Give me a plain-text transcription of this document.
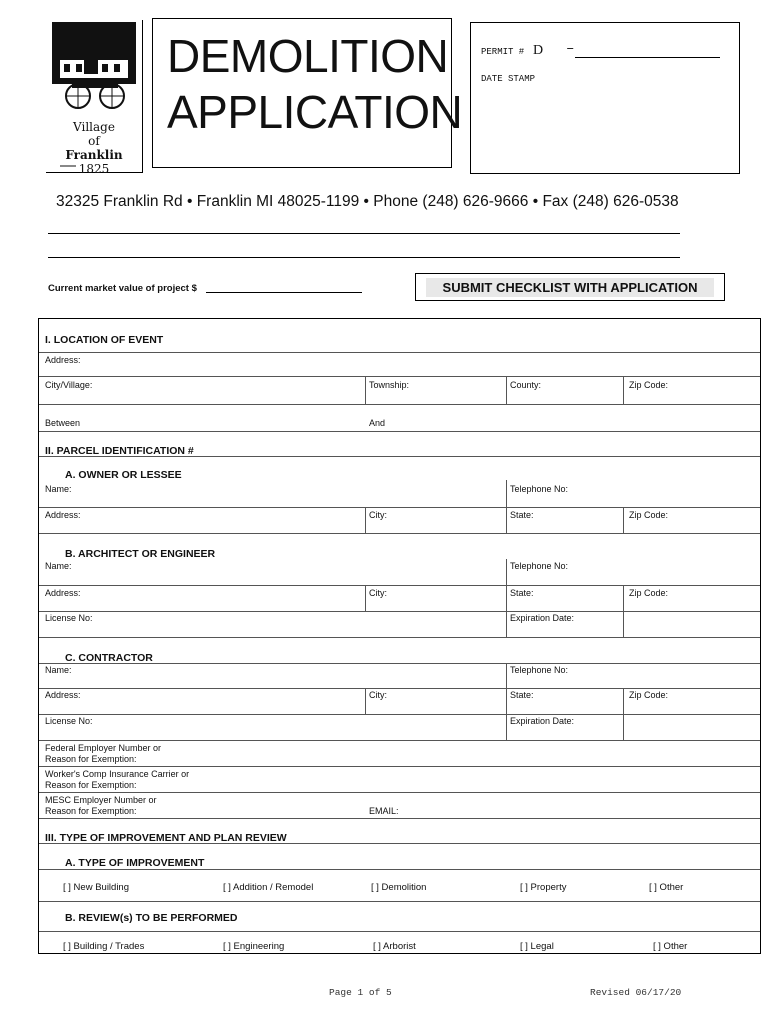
Village
of
Franklin
1825
DEMOLITION
APPLICATION
PERMIT # D –
DATE STAMP
32325 Franklin Rd • Franklin MI 48025-1199 • Phone (248) 626-9666 • Fax (248) 626-0538
Current market value of project $	SUBMIT CHECKLIST WITH APPLICATION
I. LOCATION OF EVENT
Address:
City/Village:	Township:	County:	Zip Code:
Between	And
II. PARCEL IDENTIFICATION #
A. OWNER OR LESSEE
Name:	Telephone No:
Address:	City:	State:	Zip Code:
B. ARCHITECT OR ENGINEER
Name:	Telephone No:
Address:	City:	State:	Zip Code:
License No:	Expiration Date:
C. CONTRACTOR
Name:	Telephone No:
Address:	City:	State:	Zip Code:
License No:	Expiration Date:
Federal Employer Number or
Reason for Exemption:
Worker's Comp Insurance Carrier or
Reason for Exemption:
MESC Employer Number or
Reason for Exemption:	EMAIL:
III. TYPE OF IMPROVEMENT AND PLAN REVIEW
A. TYPE OF IMPROVEMENT
[ ] New Building	[ ] Addition / Remodel	[ ] Demolition	[ ] Property	[ ] Other
B. REVIEW(s) TO BE PERFORMED
[ ] Building / Trades	[ ] Engineering	[ ] Arborist	[ ] Legal	[ ] Other
Page 1 of 5	Revised 06/17/20
